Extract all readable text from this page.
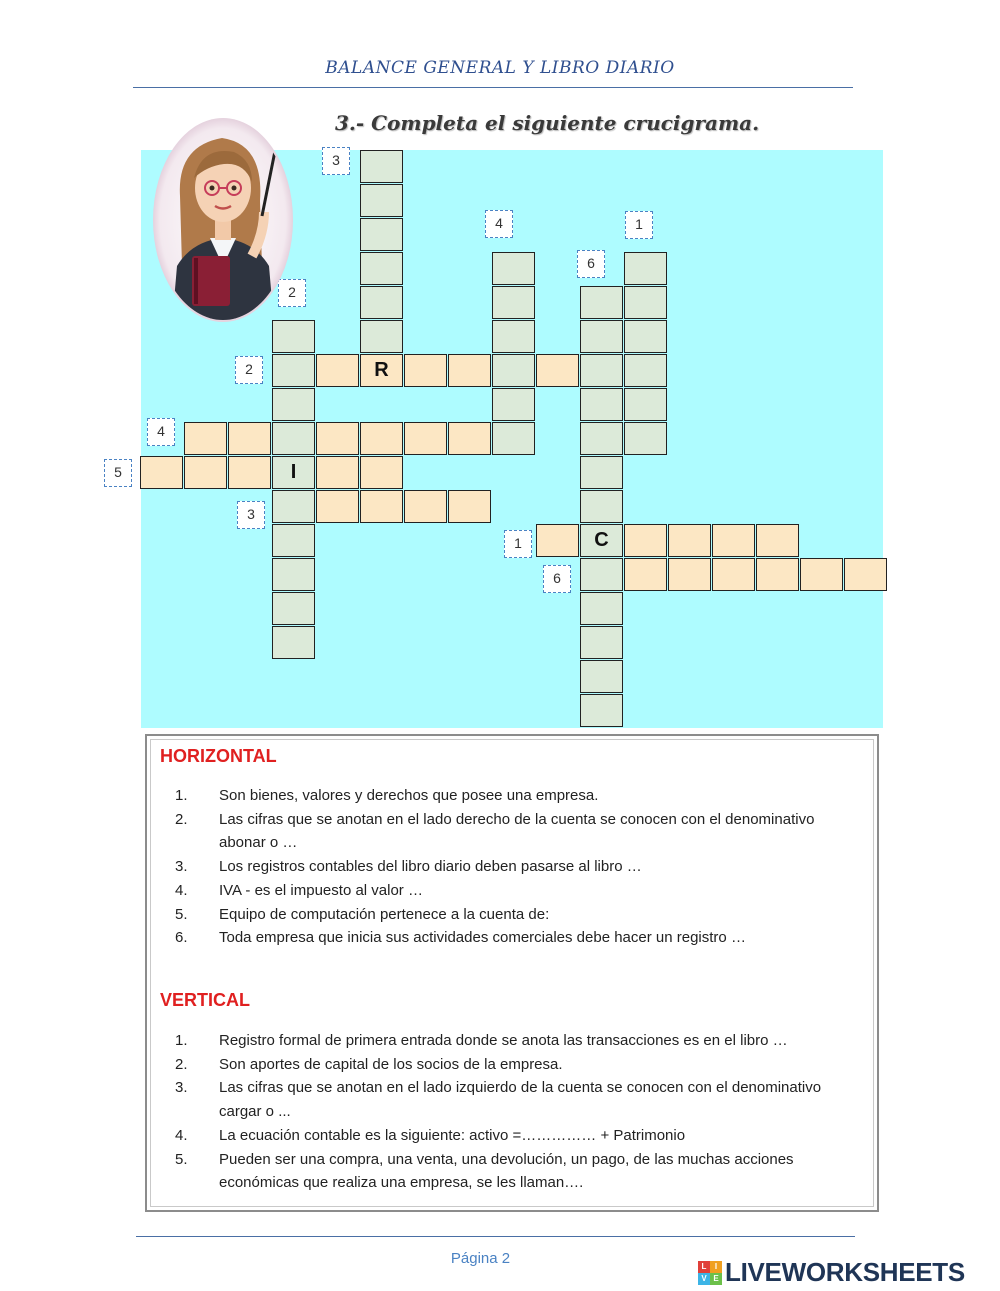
BALANCE GENERAL Y LIBRO DIARIO
3.- Completa el siguiente crucigrama.
HORIZONTAL
1.	Son bienes, valores y derechos que posee una empresa.
2.	Las cifras que se anotan en el lado derecho de la cuenta se conocen con el denominativo abonar o …
3.	Los registros contables del libro diario deben pasarse al libro …
4.	IVA - es el impuesto al valor …
5.	Equipo de computación pertenece a la cuenta de:
6.	Toda empresa que inicia sus actividades comerciales debe hacer un registro …
VERTICAL
1.	Registro formal de primera entrada donde se anota las transacciones es en el libro …
2.	Son aportes de capital de los socios de la empresa.
3.	Las cifras que se anotan en el lado izquierdo de la cuenta se conocen con el denominativo cargar o ...
4.	La ecuación contable es la siguiente: activo =…………… + Patrimonio
5.	Pueden ser una compra, una venta, una devolución, un pago, de las muchas acciones económicas que realiza una empresa, se les llaman….
Página 2	L	I
V E LIVEWORKSHEETS
R
I
C
3
4	1
6
2
2
4
5
3
1
6
